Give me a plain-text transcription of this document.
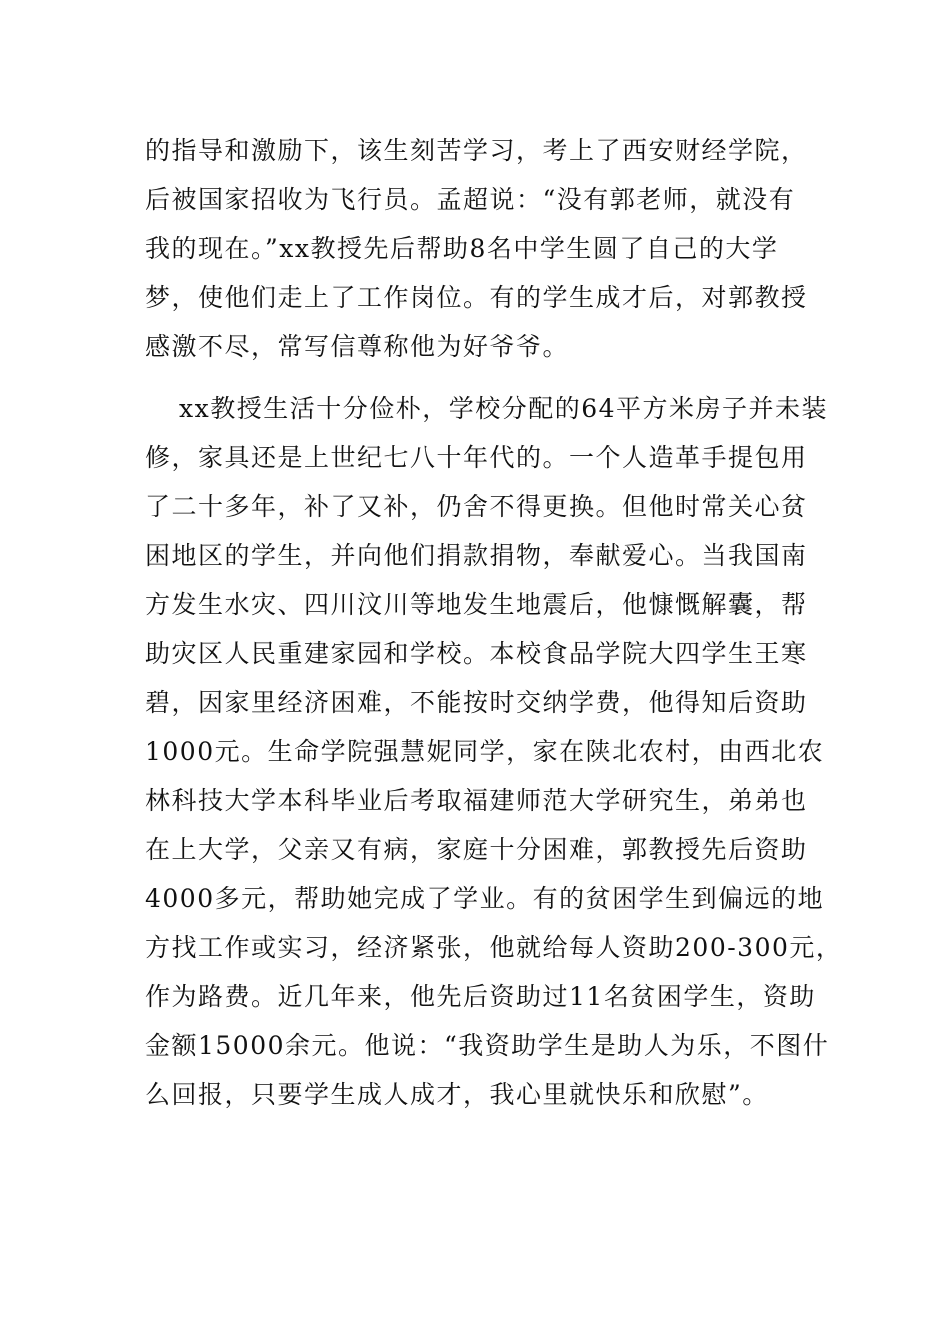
的指导和激励下，该生刻苦学习，考上了西安财经学院，
后被国家招收为飞行员。孟超说：“没有郭老师，就没有
我的现在。”xx教授先后帮助8名中学生圆了自己的大学
梦，使他们走上了工作岗位。有的学生成才后，对郭教授
感激不尽，常写信尊称他为好爷爷。
xx教授生活十分俭朴，学校分配的64平方米房子并未装
修，家具还是上世纪七八十年代的。一个人造革手提包用
了二十多年，补了又补，仍舍不得更换。但他时常关心贫
困地区的学生，并向他们捐款捐物，奉献爱心。当我国南
方发生水灾、四川汶川等地发生地震后，他慷慨解囊，帮
助灾区人民重建家园和学校。本校食品学院大四学生王寒
碧，因家里经济困难，不能按时交纳学费，他得知后资助
1000元。生命学院强慧妮同学，家在陕北农村，由西北农
林科技大学本科毕业后考取福建师范大学研究生，弟弟也
在上大学，父亲又有病，家庭十分困难，郭教授先后资助
4000多元，帮助她完成了学业。有的贫困学生到偏远的地
方找工作或实习，经济紧张，他就给每人资助200-300元，
作为路费。近几年来，他先后资助过11名贫困学生，资助
金额15000余元。他说：“我资助学生是助人为乐，不图什
么回报，只要学生成人成才，我心里就快乐和欣慰”。
